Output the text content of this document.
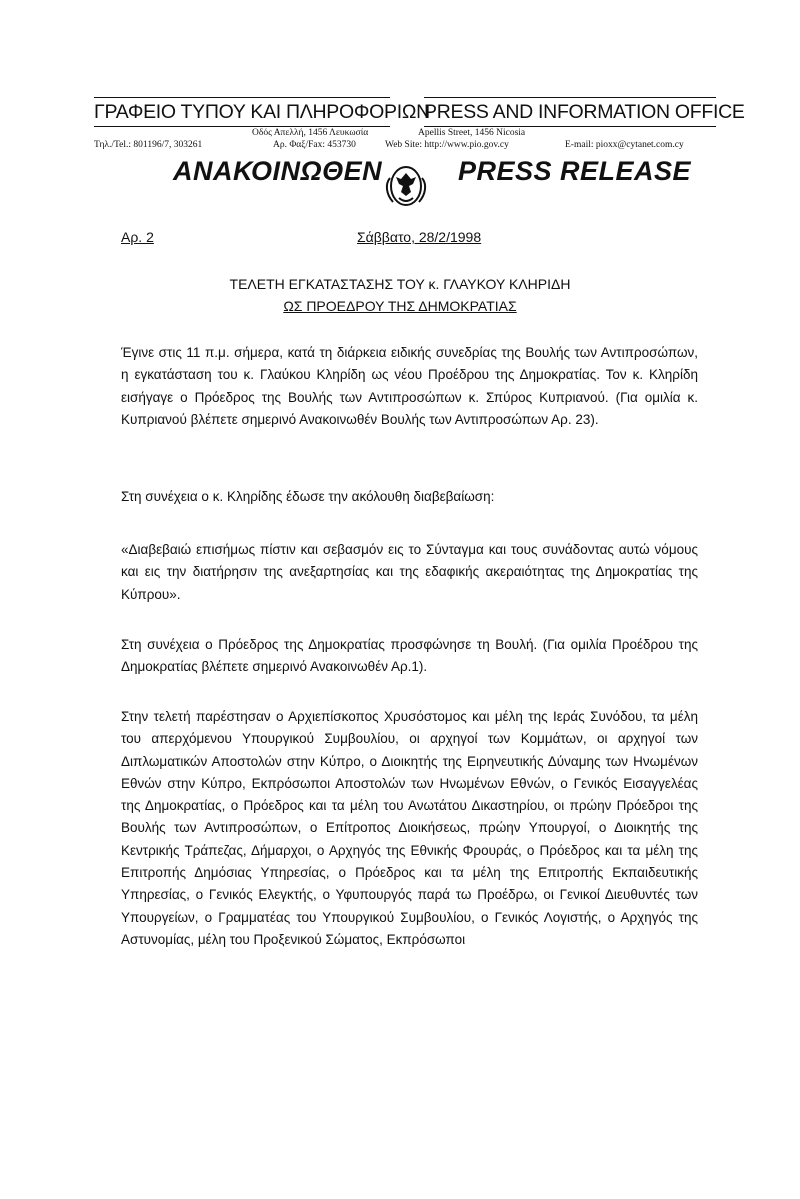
ΓΡΑΦΕΙΟ ΤΥΠΟΥ ΚΑΙ ΠΛΗΡΟΦΟΡΙΩΝ
PRESS AND INFORMATION OFFICE
Οδός Απελλή, 1456 Λευκωσία	Apellis Street, 1456 Nicosia
Τηλ./Tel.: 801196/7, 303261	Αρ. Φαξ/Fax: 453730	Web Site: http://www.pio.gov.cy	E-mail: pioxx@cytanet.com.cy
ΑΝΑΚΟΙΝΩΘΕΝ	PRESS RELEASE
Αρ. 2	Σάββατο, 28/2/1998
ΤΕΛΕΤΗ ΕΓΚΑΤΑΣΤΑΣΗΣ ΤΟΥ κ. ΓΛΑΥΚΟΥ ΚΛΗΡΙΔΗ
ΩΣ ΠΡΟΕΔΡΟΥ ΤΗΣ ΔΗΜΟΚΡΑΤΙΑΣ

Έγινε στις 11 π.μ. σήμερα, κατά τη διάρκεια ειδικής συνεδρίας της Βουλής των Αντιπροσώπων, η εγκατάσταση του κ. Γλαύκου Κληρίδη ως νέου Προέδρου της Δημοκρατίας. Τον κ. Κληρίδη εισήγαγε ο Πρόεδρος της Βουλής των Αντιπροσώπων κ. Σπύρος Κυπριανού. (Για ομιλία κ. Κυπριανού βλέπετε σημερινό Ανακοινωθέν Βουλής των Αντιπροσώπων Αρ. 23).

Στη συνέχεια ο κ. Κληρίδης έδωσε την ακόλουθη διαβεβαίωση:

«Διαβεβαιώ επισήμως πίστιν και σεβασμόν εις το Σύνταγμα και τους συνάδοντας αυτώ νόμους και εις την διατήρησιν της ανεξαρτησίας και της εδαφικής ακεραιότητας της Δημοκρατίας της Κύπρου».

Στη συνέχεια ο Πρόεδρος της Δημοκρατίας προσφώνησε τη Βουλή. (Για ομιλία Προέδρου της Δημοκρατίας βλέπετε σημερινό Ανακοινωθέν Αρ.1).

Στην τελετή παρέστησαν ο Αρχιεπίσκοπος Χρυσόστομος και μέλη της Ιεράς Συνόδου, τα μέλη του απερχόμενου Υπουργικού Συμβουλίου, οι αρχηγοί των Κομμάτων, οι αρχηγοί των Διπλωματικών Αποστολών στην Κύπρο, ο Διοικητής της Ειρηνευτικής Δύναμης των Ηνωμένων Εθνών στην Κύπρο, Εκπρόσωποι Αποστολών των Ηνωμένων Εθνών, ο Γενικός Εισαγγελέας της Δημοκρατίας, ο Πρόεδρος και τα μέλη του Ανωτάτου Δικαστηρίου, οι πρώην Πρόεδροι της Βουλής των Αντιπροσώπων, ο Επίτροπος Διοικήσεως, πρώην Υπουργοί, ο Διοικητής της Κεντρικής Τράπεζας, Δήμαρχοι, ο Αρχηγός της Εθνικής Φρουράς, ο Πρόεδρος και τα μέλη της Επιτροπής Δημόσιας Υπηρεσίας, ο Πρόεδρος και τα μέλη της Επιτροπής Εκπαιδευτικής Υπηρεσίας, ο Γενικός Ελεγκτής, ο Υφυπουργός παρά τω Προέδρω, οι Γενικοί Διευθυντές των Υπουργείων, ο Γραμματέας του Υπουργικού Συμβουλίου, ο Γενικός Λογιστής, ο Αρχηγός της Αστυνομίας, μέλη του Προξενικού Σώματος, Εκπρόσωποι
